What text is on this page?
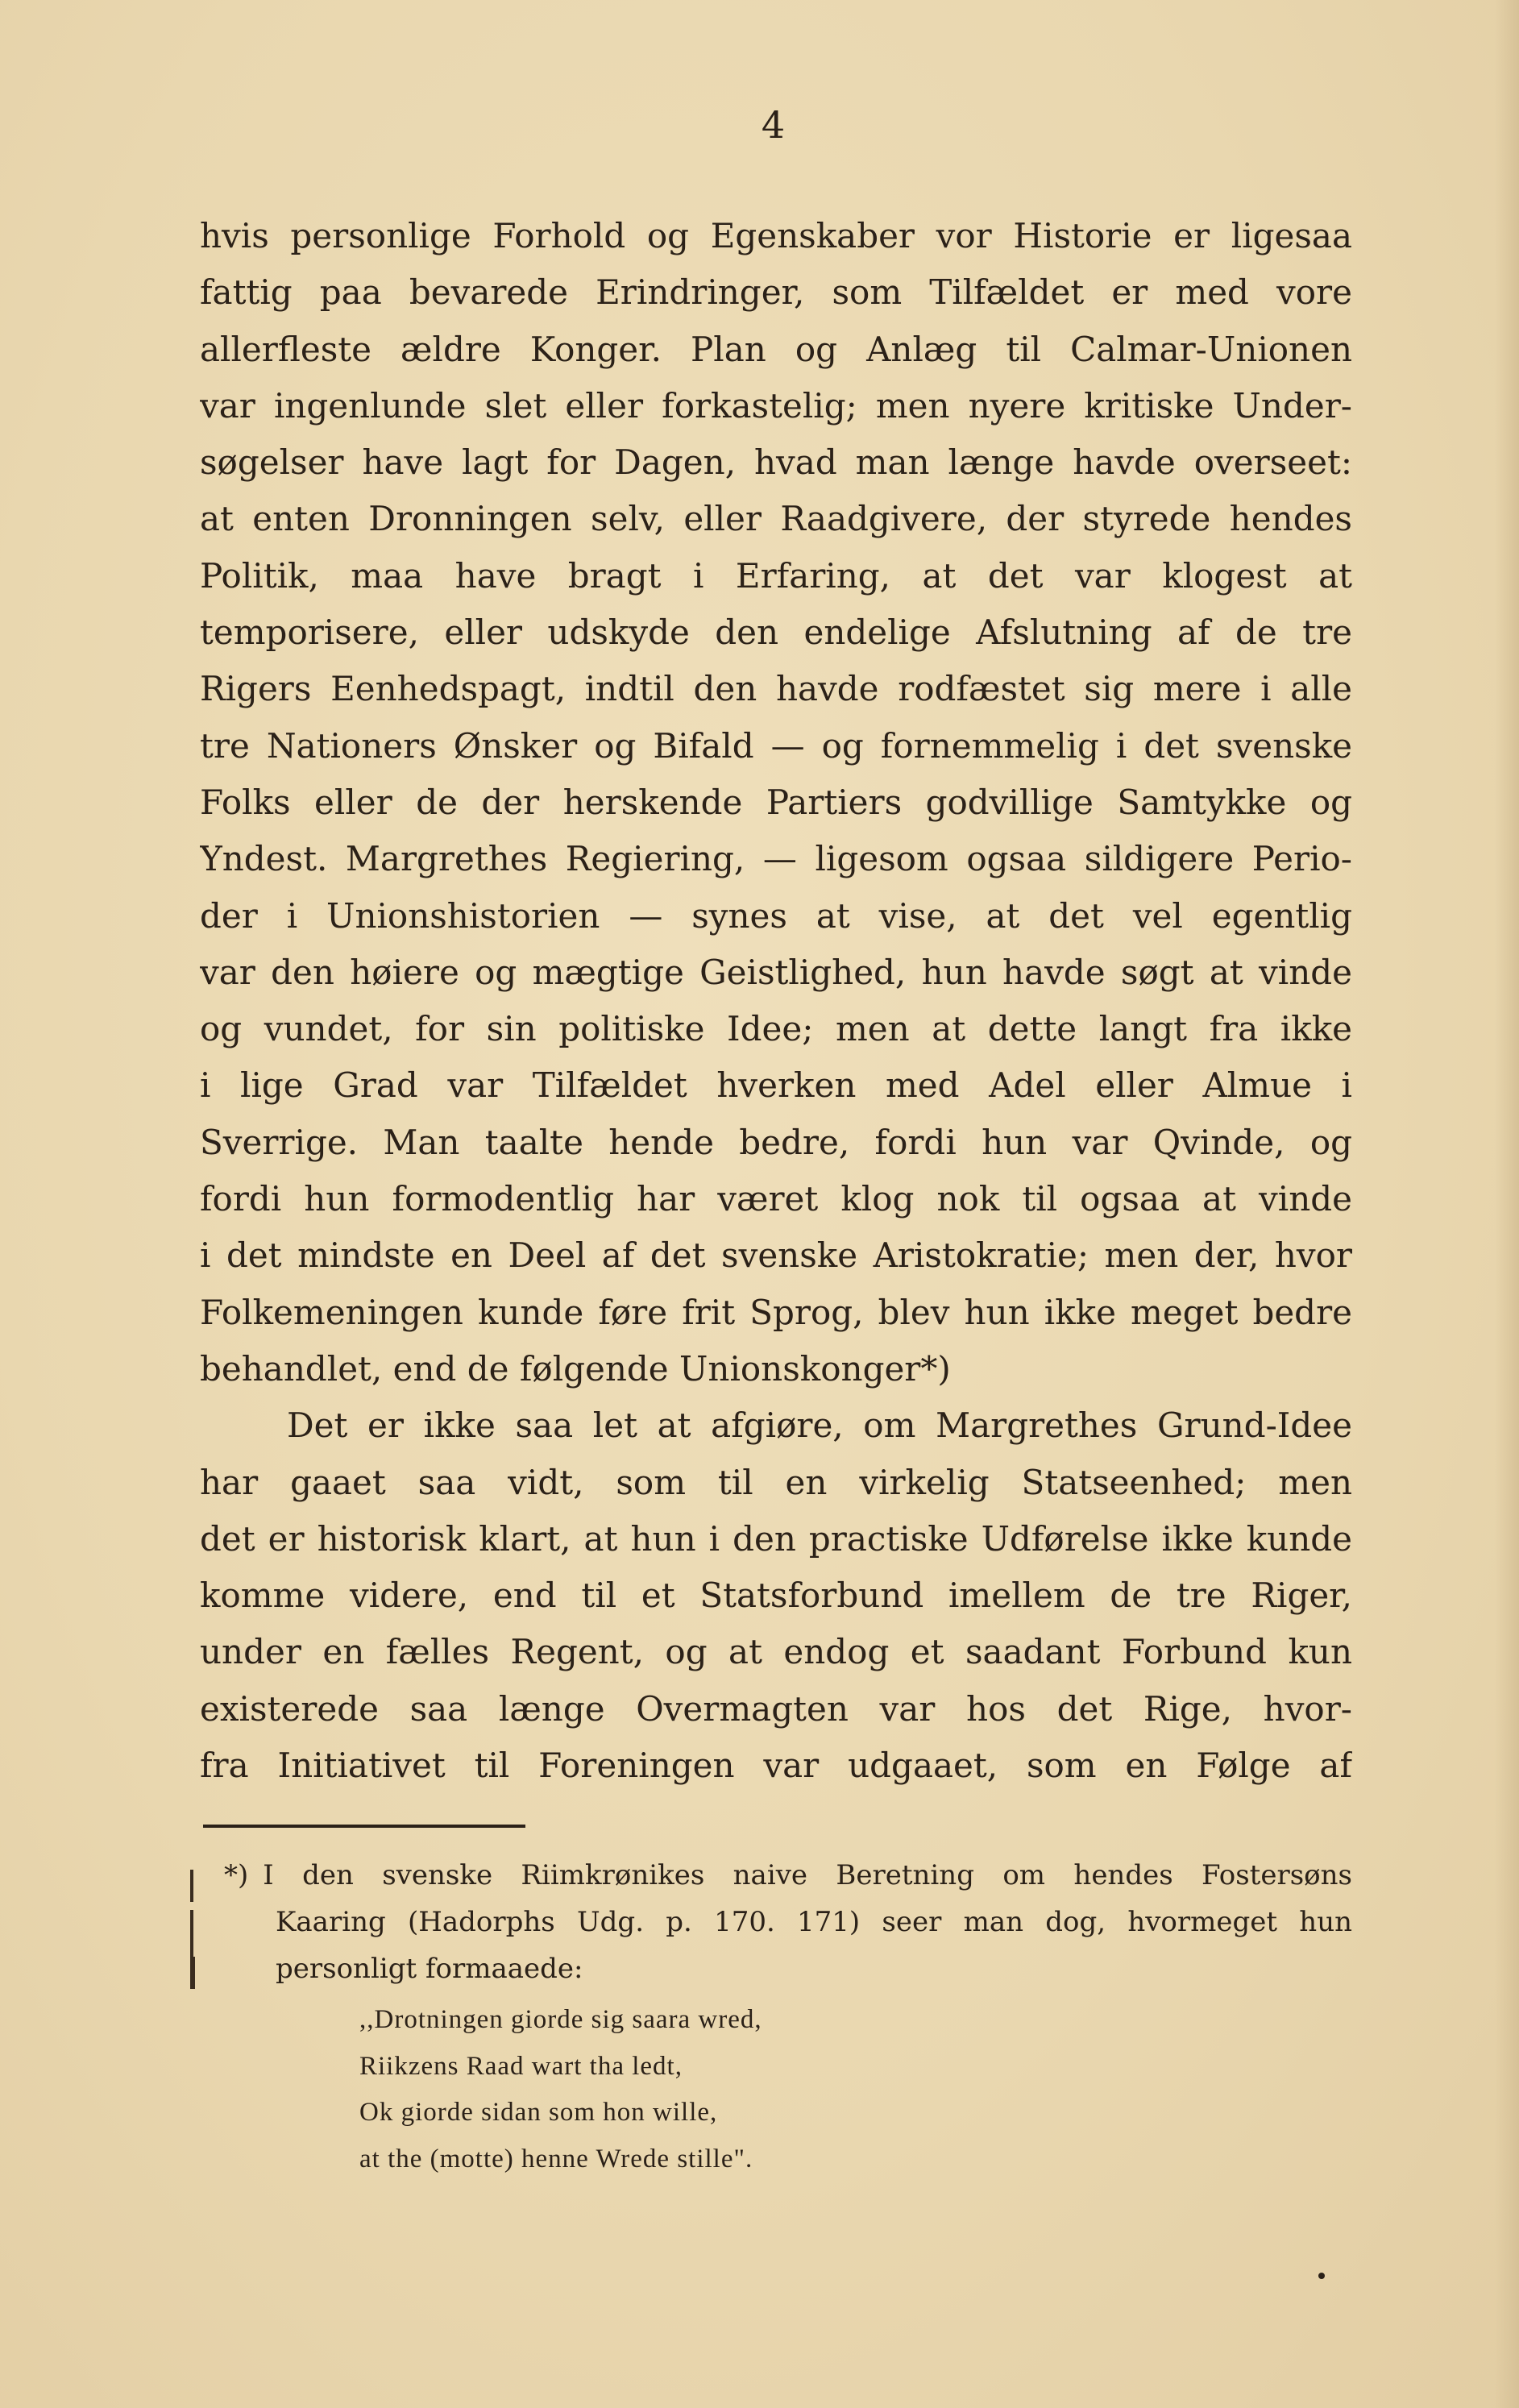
4
hvis personlige Forhold og Egenskaber vor Historie er ligesaa
fattig paa bevarede Erindringer, som Tilfældet er med vore
allerfleste ældre Konger. Plan og Anlæg til Calmar-Unionen
var ingenlunde slet eller forkastelig; men nyere kritiske Under-
søgelser have lagt for Dagen, hvad man længe havde overseet:
at enten Dronningen selv, eller Raadgivere, der styrede hendes
Politik, maa have bragt i Erfaring, at det var klogest at
temporisere, eller udskyde den endelige Afslutning af de tre
Rigers Eenhedspagt, indtil den havde rodfæstet sig mere i alle
tre Nationers Ønsker og Bifald — og fornemmelig i det svenske
Folks eller de der herskende Partiers godvillige Samtykke og
Yndest. Margrethes Regiering, — ligesom ogsaa sildigere Perio-
der i Unionshistorien — synes at vise, at det vel egentlig
var den høiere og mægtige Geistlighed, hun havde søgt at vinde
og vundet, for sin politiske Idee; men at dette langt fra ikke
i lige Grad var Tilfældet hverken med Adel eller Almue i
Sverrige. Man taalte hende bedre, fordi hun var Qvinde, og
fordi hun formodentlig har været klog nok til ogsaa at vinde
i det mindste en Deel af det svenske Aristokratie; men der, hvor
Folkemeningen kunde føre frit Sprog, blev hun ikke meget bedre
behandlet, end de følgende Unionskonger*)
Det er ikke saa let at afgiøre, om Margrethes Grund-Idee
har gaaet saa vidt, som til en virkelig Statseenhed; men
det er historisk klart, at hun i den practiske Udførelse ikke kunde
komme videre, end til et Statsforbund imellem de tre Riger,
under en fælles Regent, og at endog et saadant Forbund kun
existerede saa længe Overmagten var hos det Rige, hvor-
fra Initiativet til Foreningen var udgaaet, som en Følge af
*) I den svenske Riimkrønikes naive Beretning om hendes Fostersøns
Kaaring (Hadorphs Udg. p. 170. 171) seer man dog, hvormeget hun
personligt formaaede:
,,Drotningen giorde sig saara wred,
Riikzens Raad wart tha ledt,
Ok giorde sidan som hon wille,
at the (motte) henne Wrede stille".
